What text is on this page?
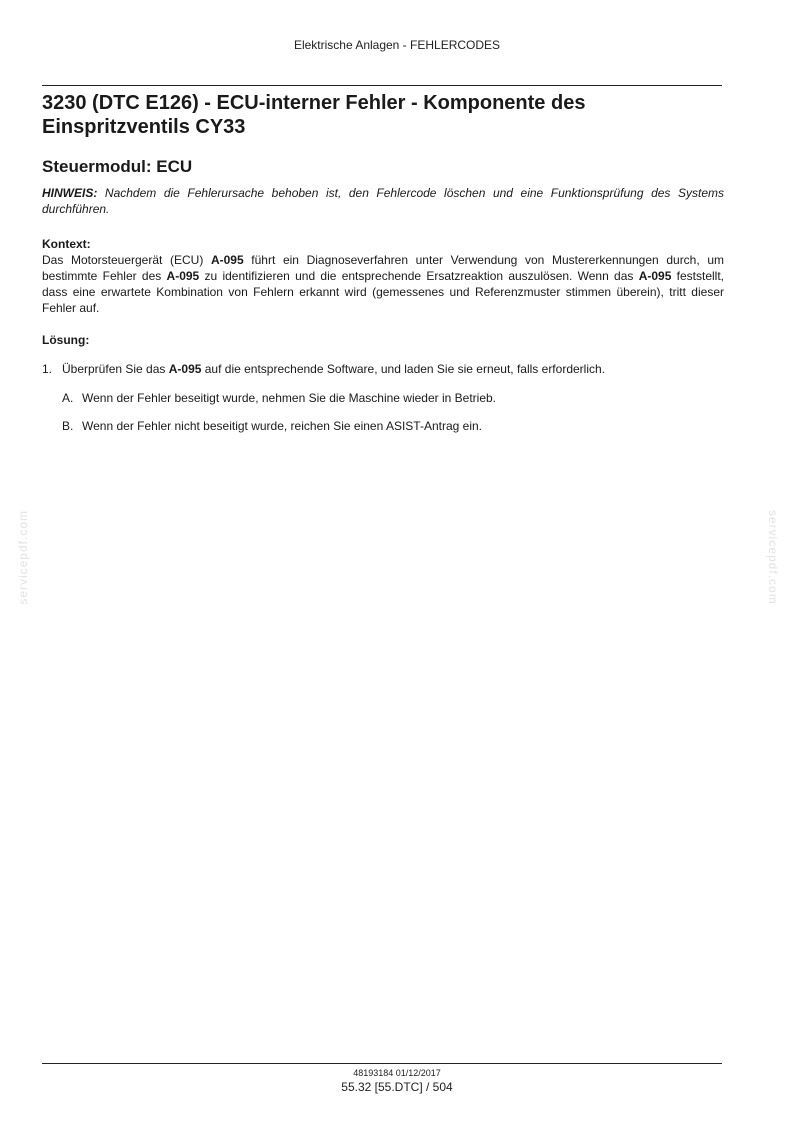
Elektrische Anlagen - FEHLERCODES
3230 (DTC E126) - ECU-interner Fehler - Komponente des Einspritzventils CY33
Steuermodul: ECU

HINWEIS: Nachdem die Fehlerursache behoben ist, den Fehlercode löschen und eine Funktionsprüfung des Systems durchführen.

Kontext:

Das Motorsteuergerät (ECU) A-095 führt ein Diagnoseverfahren unter Verwendung von Mustererkennungen durch, um bestimmte Fehler des A-095 zu identifizieren und die entsprechende Ersatzreaktion auszulösen. Wenn das A-095 feststellt, dass eine erwartete Kombination von Fehlern erkannt wird (gemessenes und Referenzmuster stimmen überein), tritt dieser Fehler auf.

Lösung:

1. Überprüfen Sie das A-095 auf die entsprechende Software, und laden Sie sie erneut, falls erforderlich.
A. Wenn der Fehler beseitigt wurde, nehmen Sie die Maschine wieder in Betrieb.
B. Wenn der Fehler nicht beseitigt wurde, reichen Sie einen ASIST-Antrag ein.
servicepdf.com	servicepdf.com
48193184 01/12/2017
55.32 [55.DTC] / 504
